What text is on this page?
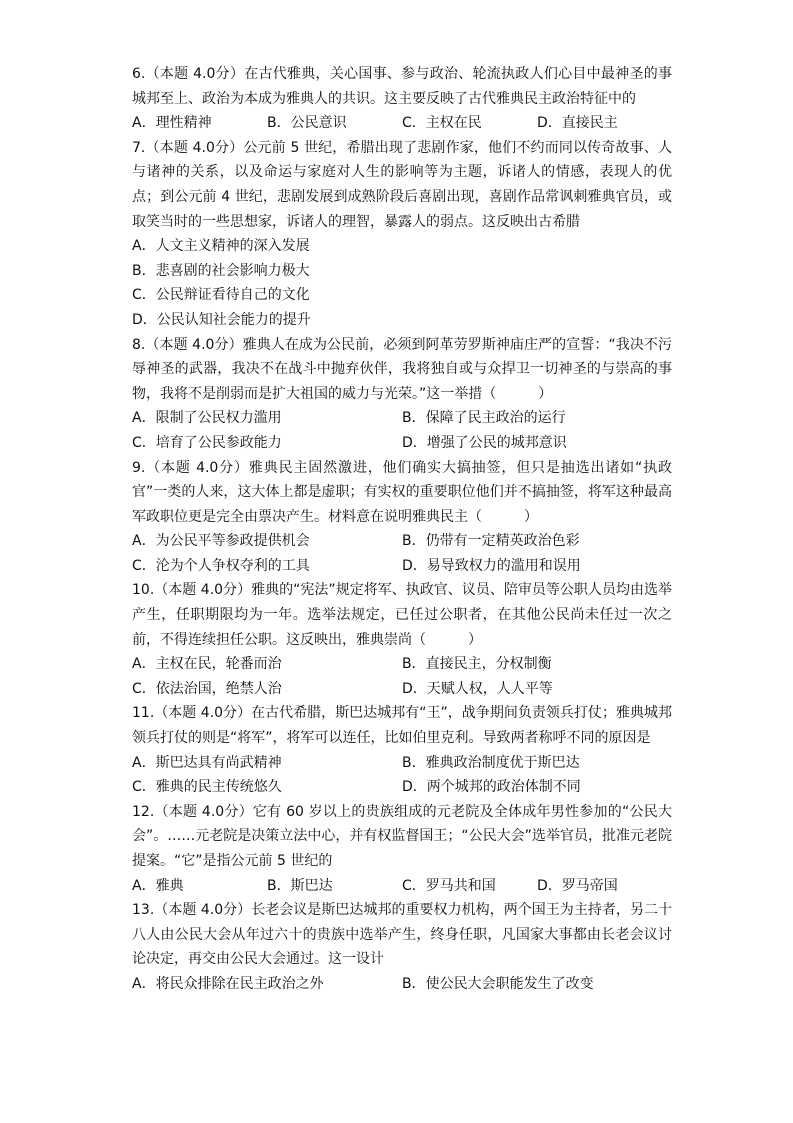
6.（本题 4.0分）在古代雅典，关心国事、参与政治、轮流执政人们心目中最神圣的事城邦至上、政治为本成为雅典人的共识。这主要反映了古代雅典民主政治特征中的

A．理性精神	B．公民意识	C．主权在民	D．直接民主

7.（本题 4.0分）公元前 5 世纪，希腊出现了悲剧作家，他们不约而同以传奇故事、人与诸神的关系，以及命运与家庭对人生的影响等为主题，诉诸人的情感，表现人的优点；到公元前 4 世纪，悲剧发展到成熟阶段后喜剧出现，喜剧作品常讽刺雅典官员，或取笑当时的一些思想家，诉诸人的理智，暴露人的弱点。这反映出古希腊

A．人文主义精神的深入发展
B．悲喜剧的社会影响力极大
C．公民辩证看待自己的文化
D．公民认知社会能力的提升

8.（本题 4.0分）雅典人在成为公民前，必须到阿革劳罗斯神庙庄严的宣誓：“我决不污辱神圣的武器，我决不在战斗中抛弃伙伴，我将独自或与众捍卫一切神圣的与崇高的事物，我将不是削弱而是扩大祖国的威力与光荣。”这一举措（　　　）

A．限制了公民权力滥用	B．保障了民主政治的运行
C．培育了公民参政能力	D．增强了公民的城邦意识

9.（本题 4.0分）雅典民主固然激进，他们确实大搞抽签，但只是抽选出诸如“执政官”一类的人来，这大体上都是虚职；有实权的重要职位他们并不搞抽签，将军这种最高军政职位更是完全由票决产生。材料意在说明雅典民主（　　　）

A．为公民平等参政提供机会	B．仍带有一定精英政治色彩
C．沦为个人争权夺利的工具	D．易导致权力的滥用和误用

10.（本题 4.0分）雅典的“宪法”规定将军、执政官、议员、陪审员等公职人员均由选举产生，任职期限均为一年。选举法规定，已任过公职者，在其他公民尚未任过一次之前，不得连续担任公职。这反映出，雅典崇尚（　　　）

A．主权在民，轮番而治	B．直接民主，分权制衡
C．依法治国，绝禁人治	D．天赋人权，人人平等

11.（本题 4.0分）在古代希腊，斯巴达城邦有“王”，战争期间负责领兵打仗；雅典城邦领兵打仗的则是“将军”，将军可以连任，比如伯里克利。导致两者称呼不同的原因是

A．斯巴达具有尚武精神	B．雅典政治制度优于斯巴达
C．雅典的民主传统悠久	D．两个城邦的政治体制不同

12.（本题 4.0分）它有 60 岁以上的贵族组成的元老院及全体成年男性参加的“公民大会”。……元老院是决策立法中心，并有权监督国王；“公民大会”选举官员，批准元老院提案。“它”是指公元前 5 世纪的

A．雅典	B．斯巴达	C．罗马共和国	D．罗马帝国

13.（本题 4.0分）长老会议是斯巴达城邦的重要权力机构，两个国王为主持者，另二十八人由公民大会从年过六十的贵族中选举产生，终身任职，凡国家大事都由长老会议讨论决定，再交由公民大会通过。这一设计

A．将民众排除在民主政治之外	B．使公民大会职能发生了改变
